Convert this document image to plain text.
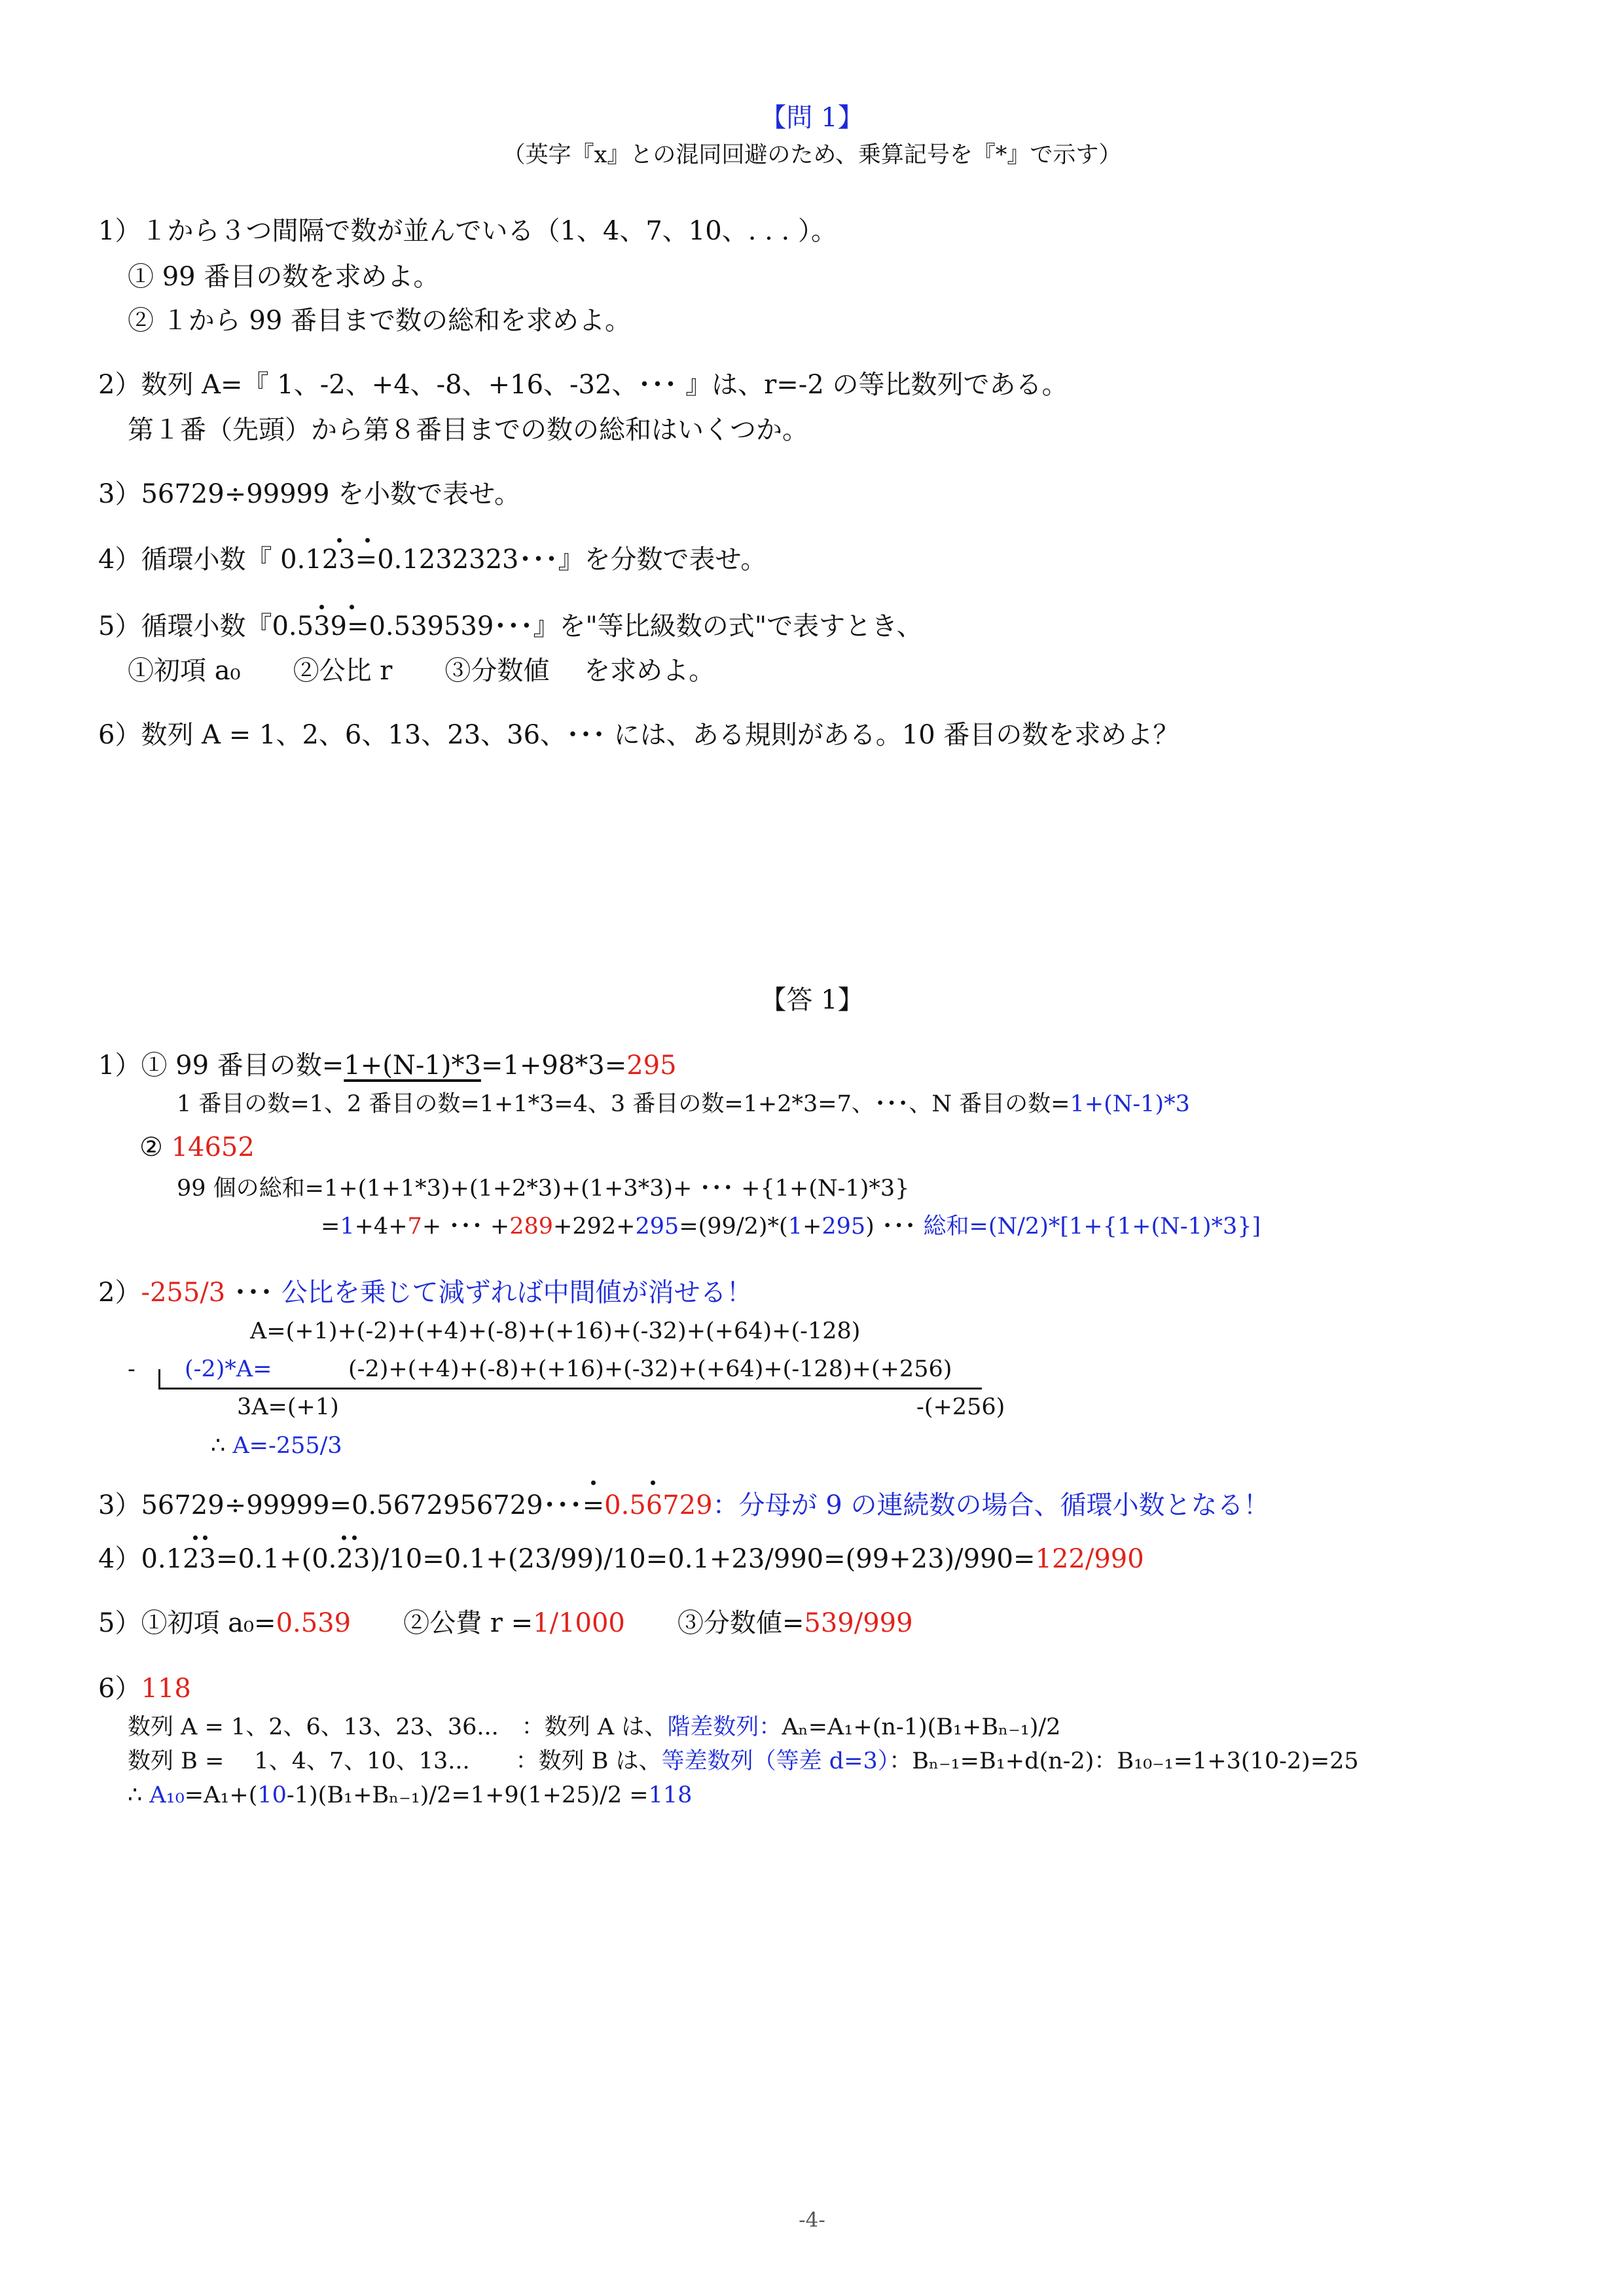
【問 1】
（英字『x』との混同回避のため、乗算記号を『*』で示す）
1）１から３つ間隔で数が並んでいる（1、4、7、10、. . . ）。
① 99 番目の数を求めよ。
② １から 99 番目まで数の総和を求めよ。
2）数列 A=『 1、-2、+4、-8、+16、-32、･･･ 』は、r=-2 の等比数列である。
第１番（先頭）から第８番目までの数の総和はいくつか。
3）56729÷99999 を小数で表せ。
4）循環小数『 0.123=0.1232323･･･』を分数で表せ。
5）循環小数『0.539=0.539539･･･』を"等比級数の式"で表すとき、
①初項 a₀　　②公比 r　　③分数値　 を求めよ。
6）数列 A = 1、2、6、13、23、36、･･･ には、ある規則がある。10 番目の数を求めよ？
【答 1】
1）① 99 番目の数=1+(N-1)*3=1+98*3=295
1 番目の数=1、2 番目の数=1+1*3=4、3 番目の数=1+2*3=7、･･･、N 番目の数=1+(N-1)*3
② 14652
99 個の総和=1+(1+1*3)+(1+2*3)+(1+3*3)+ ･･･ +{1+(N-1)*3}
=1+4+7+ ･･･ +289+292+295=(99/2)*(1+295) ･･･ 総和=(N/2)*[1+{1+(N-1)*3}]
2）-255/3 ･･･ 公比を乗じて減ずれば中間値が消せる！
A=(+1)+(-2)+(+4)+(-8)+(+16)+(-32)+(+64)+(-128)
- (-2)*A=	(-2)+(+4)+(-8)+(+16)+(-32)+(+64)+(-128)+(+256)
3A=(+1)	-(+256)
∴ A=-255/3
3）56729÷99999=0.5672956729･･･=0.56729：分母が 9 の連続数の場合、循環小数となる！
4）0.123=0.1+(0.23)/10=0.1+(23/99)/10=0.1+23/990=(99+23)/990=122/990
5）①初項 a₀=0.539　　②公費 r =1/1000　　③分数値=539/999
6）118
数列 A = 1、2、6、13、23、36...　：数列 A は、階差数列：Aₙ=A₁+(n-1)(B₁+Bₙ₋₁)/2
数列 B = 　1、4、7、10、13...　　：数列 B は、等差数列（等差 d=3）：Bₙ₋₁=B₁+d(n-2)：B₁₀₋₁=1+3(10-2)=25
∴ A₁₀=A₁+(10-1)(B₁+Bₙ₋₁)/2=1+9(1+25)/2 =118
-4-
